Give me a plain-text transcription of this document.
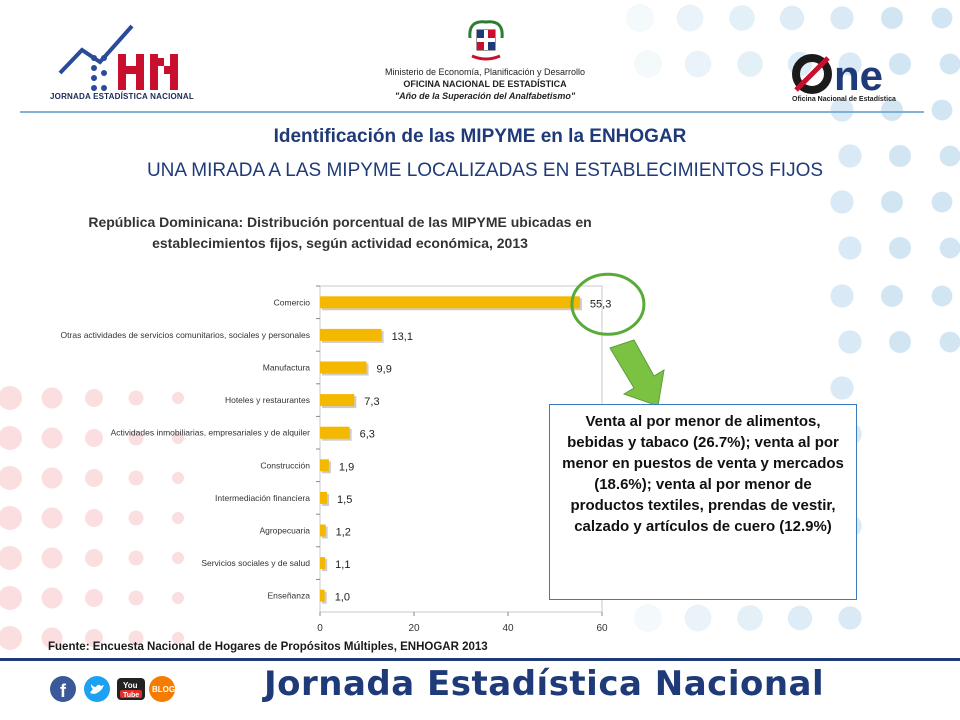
JORNADA ESTADÍSTICA NACIONAL
Ministerio de Economía, Planificación y Desarrollo
OFICINA NACIONAL DE ESTADÍSTICA
"Año de la Superación del Analfabetismo"	ne
Oficina Nacional de Estadística
Identificación de las MIPYME en la ENHOGAR
UNA MIRADA A LAS MIPYME LOCALIZADAS EN ESTABLECIMIENTOS FIJOS
República Dominicana: Distribución porcentual de las MIPYME ubicadas en establecimientos fijos, según actividad económica, 2013
Comercio	55,3
Otras actividades de servicios comunitarios, sociales y personales	13,1
Manufactura	9,9
Hoteles y restaurantes	7,3
Actividades inmobiliarias, empresariales y de alquiler	6,3
Construcción	1,9
Intermediación financiera 1,5
Agropecuaria 1,2
Servicios sociales y de salud 1,1
Enseñanza 1,0
0	20	40	60
Venta al por menor de alimentos, bebidas y tabaco (26.7%); venta al por menor en puestos de venta y mercados (18.6%); venta al por menor de productos textiles, prendas de vestir, calzado y artículos de cuero (12.9%)
Fuente: Encuesta Nacional de Hogares de Propósitos Múltiples, ENHOGAR 2013
f	You
Tube
BLOG	Jornada Estadística Nacional
